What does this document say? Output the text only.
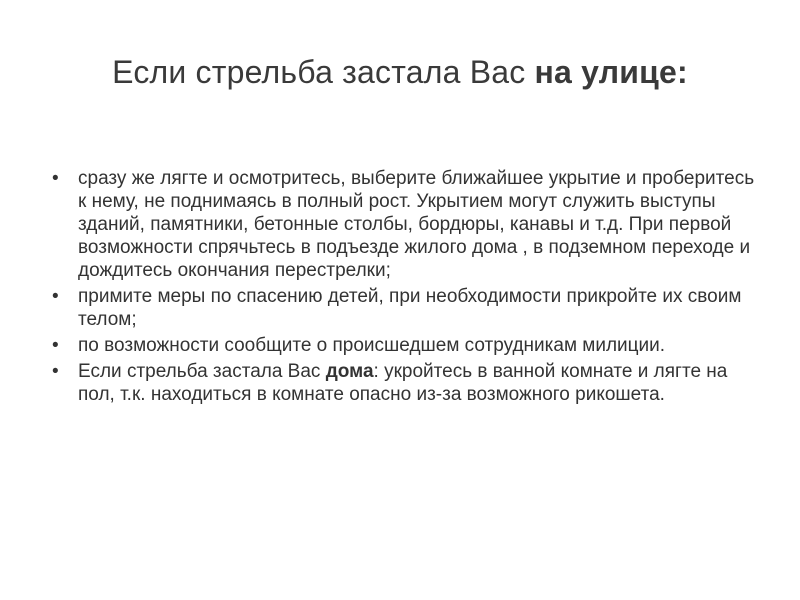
Если стрельба застала Вас на улице:
• сразу же лягте и осмотритесь, выберите ближайшее укрытие и проберитесь к нему, не поднимаясь в полный рост. Укрытием могут служить выступы зданий, памятники, бетонные столбы, бордюры, канавы и т.д. При первой возможности спрячьтесь в подъезде жилого дома , в подземном переходе и дождитесь окончания перестрелки;
• примите меры по спасению детей, при необходимости прикройте их своим телом;
• по возможности сообщите о происшедшем сотрудникам милиции.
• Если стрельба застала Вас дома: укройтесь в ванной комнате и лягте на пол, т.к. находиться в комнате опасно из-за возможного рикошета.
